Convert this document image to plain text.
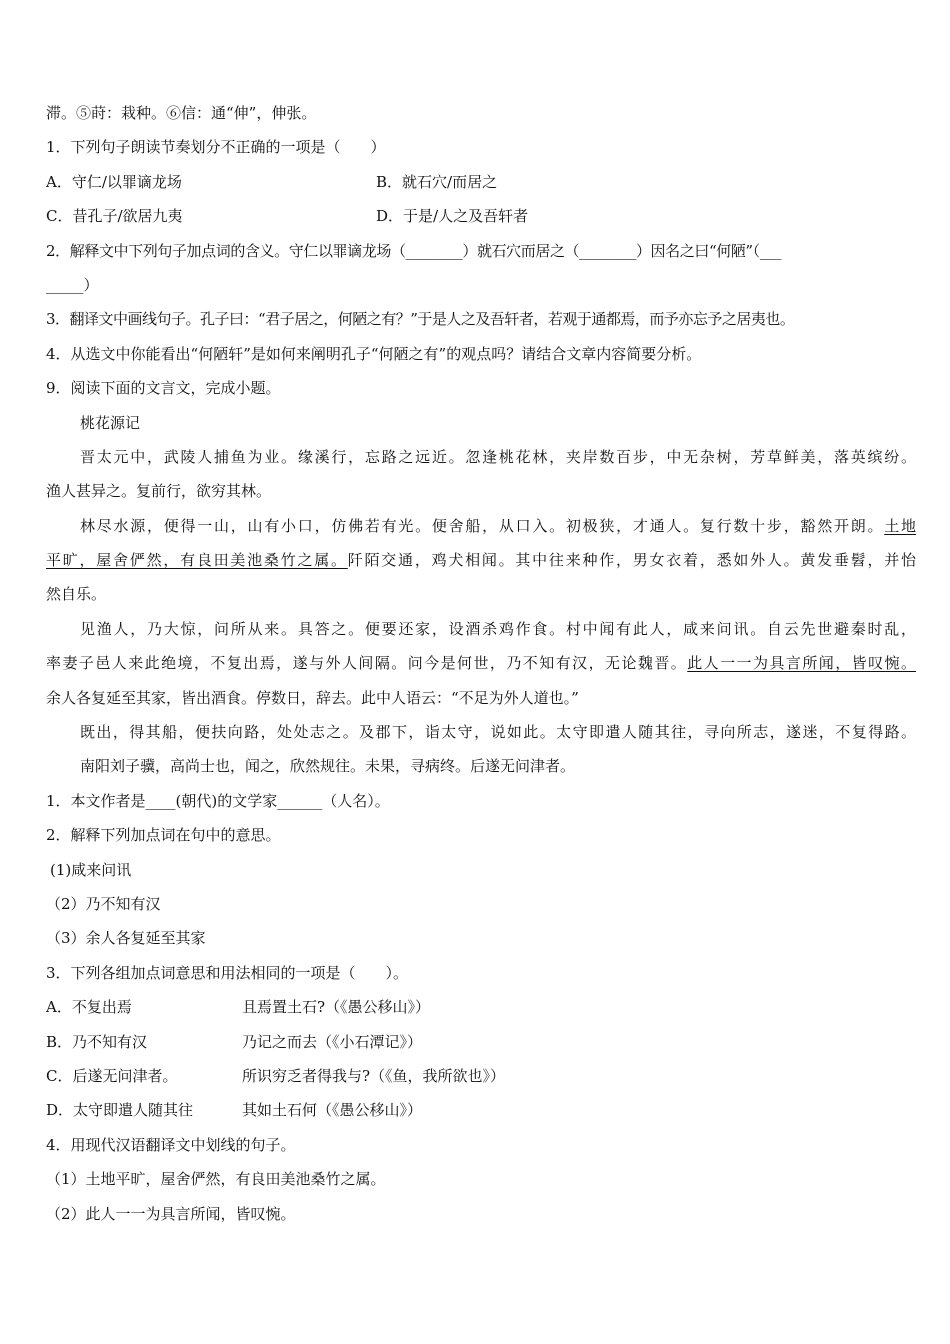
滞。⑤莳：栽种。⑥信：通“伸”，伸张。
1．下列句子朗读节奏划分不正确的一项是（　　）
A．守仁/以罪谪龙场	B．就石穴/而居之
C．昔孔子/欲居九夷	D．于是/人之及吾轩者
2．解释文中下列句子加点词的含义。守仁以罪谪龙场（________）就石穴而居之（________）因名之曰“何陋”（___
_____）
3．翻译文中画线句子。孔子曰：“君子居之，何陋之有？”于是人之及吾轩者，若观于通都焉，而予亦忘予之居夷也。
4．从选文中你能看出“何陋轩”是如何来阐明孔子“何陋之有”的观点吗？请结合文章内容简要分析。
9．阅读下面的文言文，完成小题。
桃花源记
晋太元中，武陵人捕鱼为业。缘溪行，忘路之远近。忽逢桃花林，夹岸数百步，中无杂树，芳草鲜美，落英缤纷。
渔人甚异之。复前行，欲穷其林。
林尽水源，便得一山，山有小口，仿佛若有光。便舍船，从口入。初极狭，才通人。复行数十步，豁然开朗。土地
平旷，屋舍俨然，有良田美池桑竹之属。阡陌交通，鸡犬相闻。其中往来种作，男女衣着，悉如外人。黄发垂髫，并怡
然自乐。
见渔人，乃大惊，问所从来。具答之。便要还家，设酒杀鸡作食。村中闻有此人，咸来问讯。自云先世避秦时乱，
率妻子邑人来此绝境，不复出焉，遂与外人间隔。问今是何世，乃不知有汉，无论魏晋。此人一一为具言所闻，皆叹惋。
余人各复延至其家，皆出酒食。停数日，辞去。此中人语云：“不足为外人道也。”
既出，得其船，便扶向路，处处志之。及郡下，诣太守，说如此。太守即遣人随其往，寻向所志，遂迷，不复得路。
南阳刘子骥，高尚士也，闻之，欣然规往。未果，寻病终。后遂无问津者。
1．本文作者是____(朝代)的文学家______（人名）。
2．解释下列加点词在句中的意思。
(1)咸来问讯
（2）乃不知有汉
（3）余人各复延至其家
3．下列各组加点词意思和用法相同的一项是（　　）。
A．不复出焉	且焉置土石?（《愚公移山》）
B．乃不知有汉	乃记之而去（《小石潭记》）
C．后遂无问津者。	所识穷乏者得我与?（《鱼，我所欲也》）
D．太守即遣人随其往	其如土石何（《愚公移山》）
4．用现代汉语翻译文中划线的句子。
（1）土地平旷，屋舍俨然，有良田美池桑竹之属。
（2）此人一一为具言所闻，皆叹惋。
